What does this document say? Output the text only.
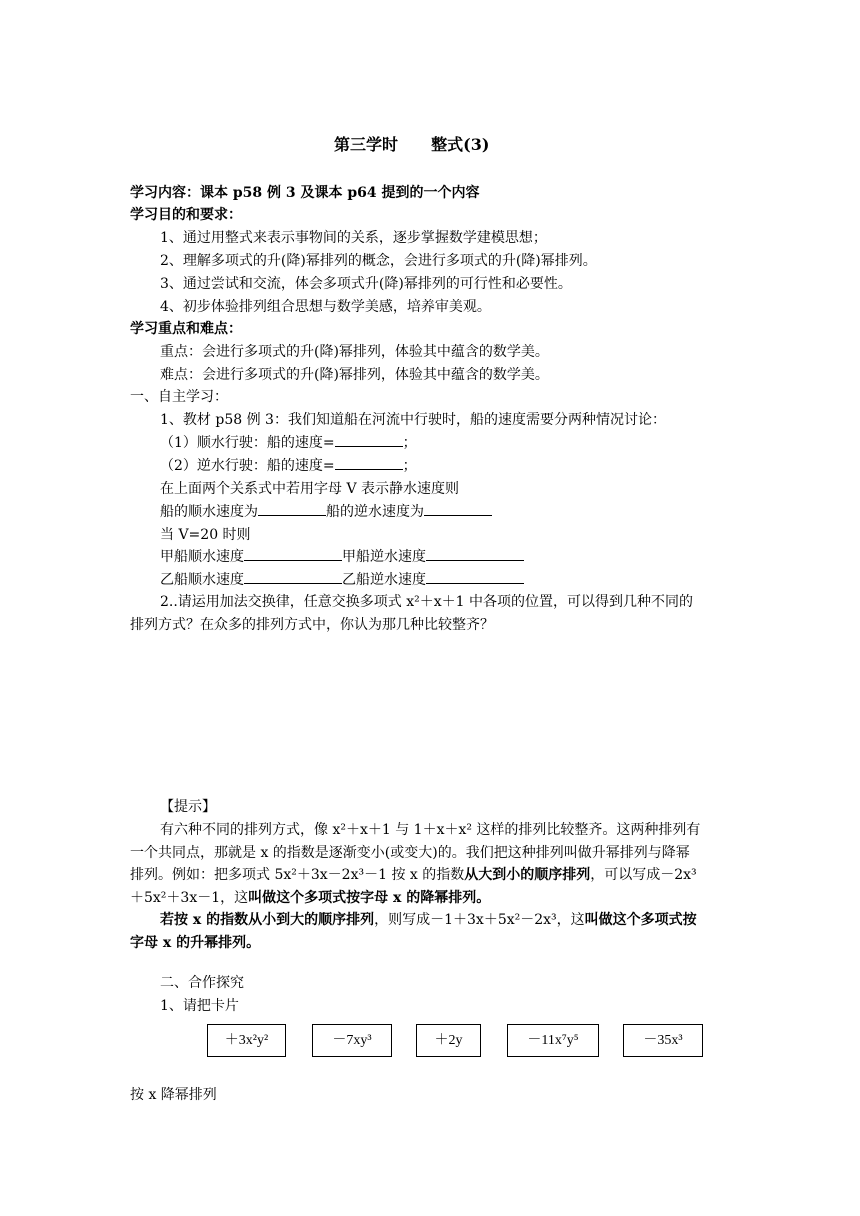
第三学时 整式(3)
学习内容：课本 p58 例 3 及课本 p64 提到的一个内容
学习目的和要求：
1、通过用整式来表示事物间的关系，逐步掌握数学建模思想；
2、理解多项式的升(降)幂排列的概念，会进行多项式的升(降)幂排列。
3、通过尝试和交流，体会多项式升(降)幂排列的可行性和必要性。
4、初步体验排列组合思想与数学美感，培养审美观。
学习重点和难点：
重点：会进行多项式的升(降)幂排列，体验其中蕴含的数学美。
难点：会进行多项式的升(降)幂排列，体验其中蕴含的数学美。
一、自主学习：
1、教材 p58 例 3：我们知道船在河流中行驶时，船的速度需要分两种情况讨论：
（1）顺水行驶：船的速度=	；
（2）逆水行驶：船的速度=	；
在上面两个关系式中若用字母 V 表示静水速度则
船的顺水速度为	船的逆水速度为
当 V=20 时则
甲船顺水速度	甲船逆水速度
乙船顺水速度	乙船逆水速度
2..请运用加法交换律，任意交换多项式 x²＋x＋1 中各项的位置，可以得到几种不同的
排列方式？在众多的排列方式中，你认为那几种比较整齐？
【提示】
有六种不同的排列方式，像 x²＋x＋1 与 1＋x＋x² 这样的排列比较整齐。这两种排列有
一个共同点，那就是 x 的指数是逐渐变小(或变大)的。我们把这种排列叫做升幂排列与降幂
排列。例如：把多项式 5x²＋3x－2x³－1 按 x 的指数从大到小的顺序排列，可以写成－2x³
＋5x²＋3x－1，这叫做这个多项式按字母 x 的降幂排列。
若按 x 的指数从小到大的顺序排列，则写成－1＋3x＋5x²－2x³，这叫做这个多项式按
字母 x 的升幂排列。
二、合作探究
1、请把卡片
＋3x²y²	－7xy³	＋2y	－11x⁷y⁵	－35x³
按 x 降幂排列
